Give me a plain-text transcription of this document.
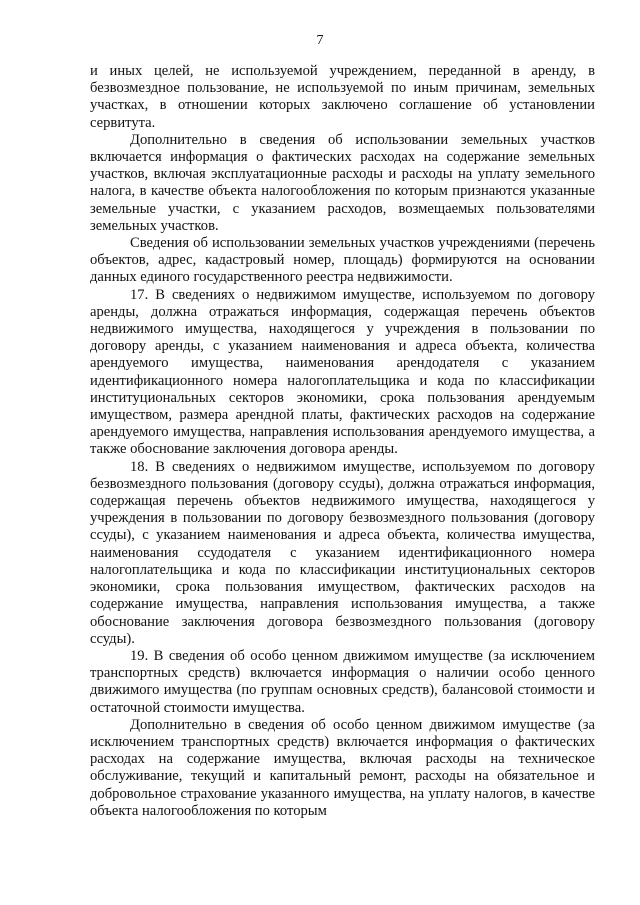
7

и иных целей, не используемой учреждением, переданной в аренду, в безвозмездное пользование, не используемой по иным причинам, земельных участках, в отношении которых заключено соглашение об установлении сервитута.

Дополнительно в сведения об использовании земельных участков включается информация о фактических расходах на содержание земельных участков, включая эксплуатационные расходы и расходы на уплату земельного налога, в качестве объекта налогообложения по которым признаются указанные земельные участки, с указанием расходов, возмещаемых пользователями земельных участков.

Сведения об использовании земельных участков учреждениями (перечень объектов, адрес, кадастровый номер, площадь) формируются на основании данных единого государственного реестра недвижимости.

17. В сведениях о недвижимом имуществе, используемом по договору аренды, должна отражаться информация, содержащая перечень объектов недвижимого имущества, находящегося у учреждения в пользовании по договору аренды, с указанием наименования и адреса объекта, количества арендуемого имущества, наименования арендодателя с указанием идентификационного номера налогоплательщика и кода по классификации институциональных секторов экономики, срока пользования арендуемым имуществом, размера арендной платы, фактических расходов на содержание арендуемого имущества, направления использования арендуемого имущества, а также обоснование заключения договора аренды.

18. В сведениях о недвижимом имуществе, используемом по договору безвозмездного пользования (договору ссуды), должна отражаться информация, содержащая перечень объектов недвижимого имущества, находящегося у учреждения в пользовании по договору безвозмездного пользования (договору ссуды), с указанием наименования и адреса объекта, количества имущества, наименования ссудодателя с указанием идентификационного номера налогоплательщика и кода по классификации институциональных секторов экономики, срока пользования имуществом, фактических расходов на содержание имущества, направления использования имущества, а также обоснование заключения договора безвозмездного пользования (договору ссуды).

19. В сведения об особо ценном движимом имуществе (за исключением транспортных средств) включается информация о наличии особо ценного движимого имущества (по группам основных средств), балансовой стоимости и остаточной стоимости имущества.

Дополнительно в сведения об особо ценном движимом имуществе (за исключением транспортных средств) включается информация о фактических расходах на содержание имущества, включая расходы на техническое обслуживание, текущий и капитальный ремонт, расходы на обязательное и добровольное страхование указанного имущества, на уплату налогов, в качестве объекта налогообложения по которым
